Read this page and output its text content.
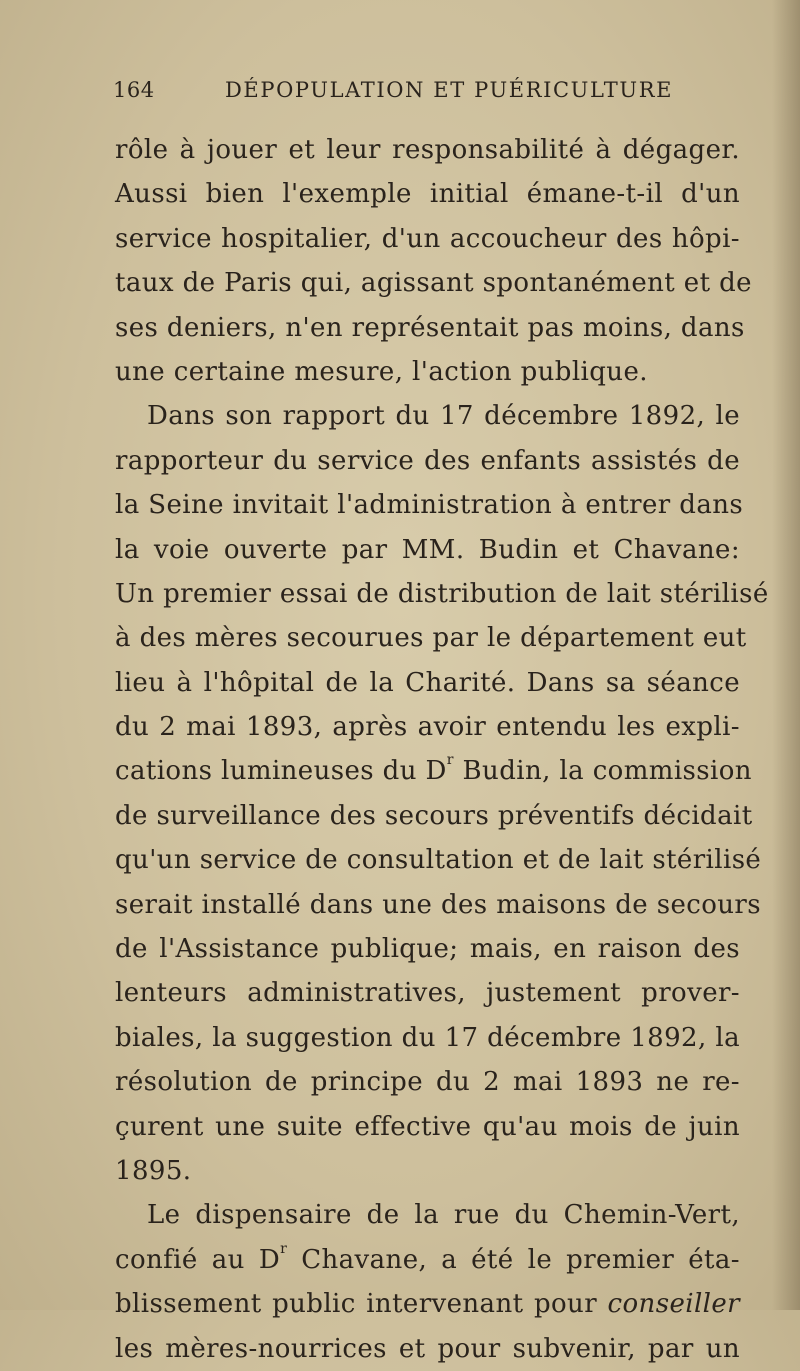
164	DÉPOPULATION ET PUÉRICULTURE
rôle à jouer et leur responsabilité à dégager.
Aussi bien l'exemple initial émane-t-il d'un
service hospitalier, d'un accoucheur des hôpi-
taux de Paris qui, agissant spontanément et de
ses deniers, n'en représentait pas moins, dans
une certaine mesure, l'action publique.
Dans son rapport du 17 décembre 1892, le
rapporteur du service des enfants assistés de
la Seine invitait l'administration à entrer dans
la voie ouverte par MM. Budin et Chavane:
Un premier essai de distribution de lait stérilisé
à des mères secourues par le département eut
lieu à l'hôpital de la Charité. Dans sa séance
du 2 mai 1893, après avoir entendu les expli-
cations lumineuses du $D^r$ Budin, la commission
de surveillance des secours préventifs décidait
qu'un service de consultation et de lait stérilisé
serait installé dans une des maisons de secours
de l'Assistance publique; mais, en raison des
lenteurs administratives, justement prover-
biales, la suggestion du 17 décembre 1892, la
résolution de principe du 2 mai 1893 ne re-
çurent une suite effective qu'au mois de juin
1895.
Le dispensaire de la rue du Chemin-Vert,
confié au $D^r$ Chavane, a été le premier éta-
blissement public intervenant pour conseiller
les mères-nourrices et pour subvenir, par un
